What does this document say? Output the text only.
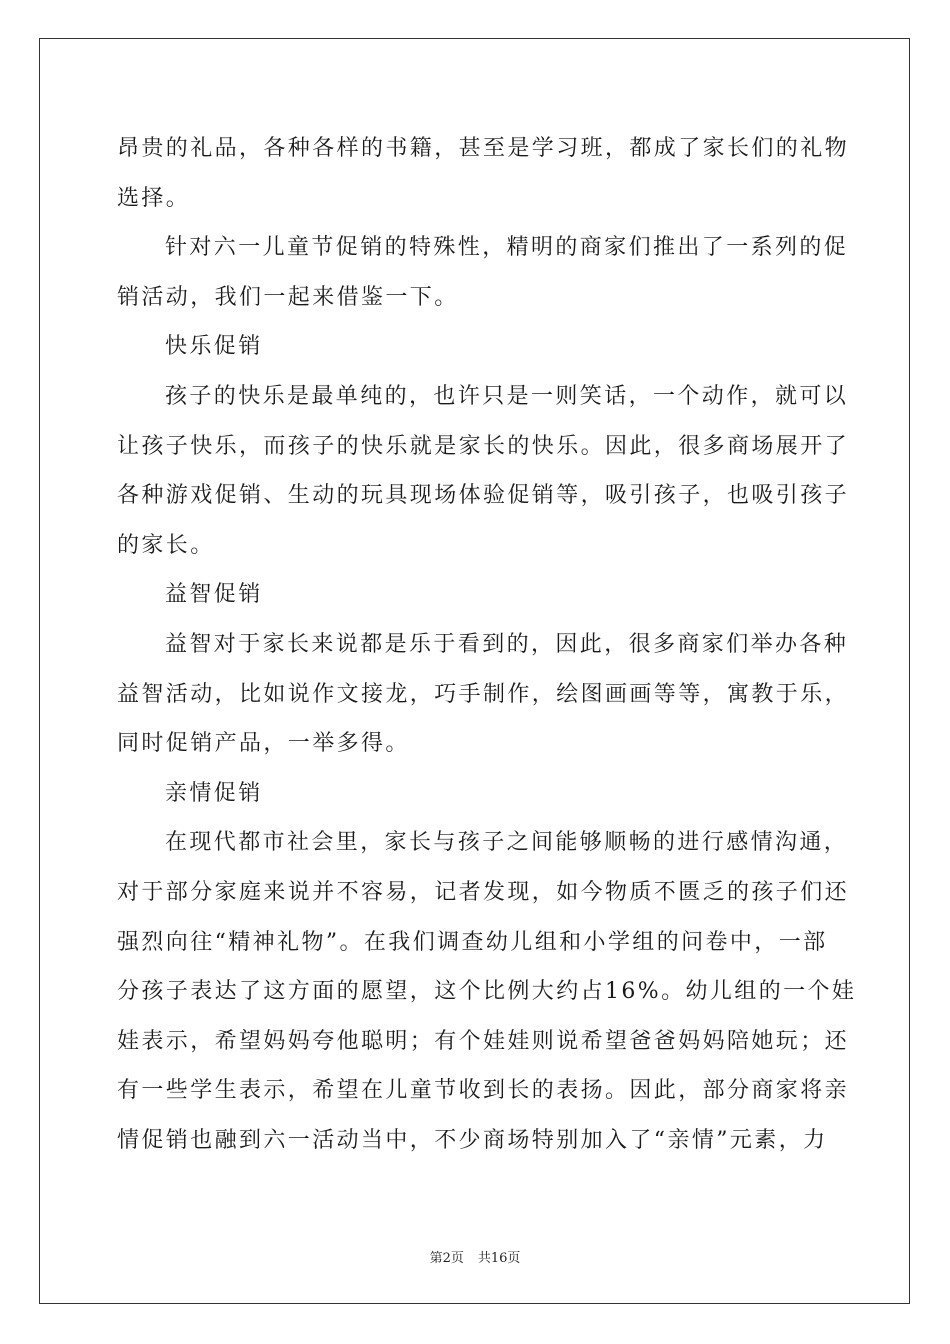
昂贵的礼品，各种各样的书籍，甚至是学习班，都成了家长们的礼物
选择。
针对六一儿童节促销的特殊性，精明的商家们推出了一系列的促
销活动，我们一起来借鉴一下。
快乐促销
孩子的快乐是最单纯的，也许只是一则笑话，一个动作，就可以
让孩子快乐，而孩子的快乐就是家长的快乐。因此，很多商场展开了
各种游戏促销、生动的玩具现场体验促销等，吸引孩子，也吸引孩子
的家长。
益智促销
益智对于家长来说都是乐于看到的，因此，很多商家们举办各种
益智活动，比如说作文接龙，巧手制作，绘图画画等等，寓教于乐，
同时促销产品，一举多得。
亲情促销
在现代都市社会里，家长与孩子之间能够顺畅的进行感情沟通，
对于部分家庭来说并不容易，记者发现，如今物质不匮乏的孩子们还
强烈向往“精神礼物”。在我们调查幼儿组和小学组的问卷中，一部
分孩子表达了这方面的愿望，这个比例大约占16%。幼儿组的一个娃
娃表示，希望妈妈夸他聪明；有个娃娃则说希望爸爸妈妈陪她玩；还
有一些学生表示，希望在儿童节收到长的表扬。因此，部分商家将亲
情促销也融到六一活动当中，不少商场特别加入了“亲情”元素，力
第2页 共16页
